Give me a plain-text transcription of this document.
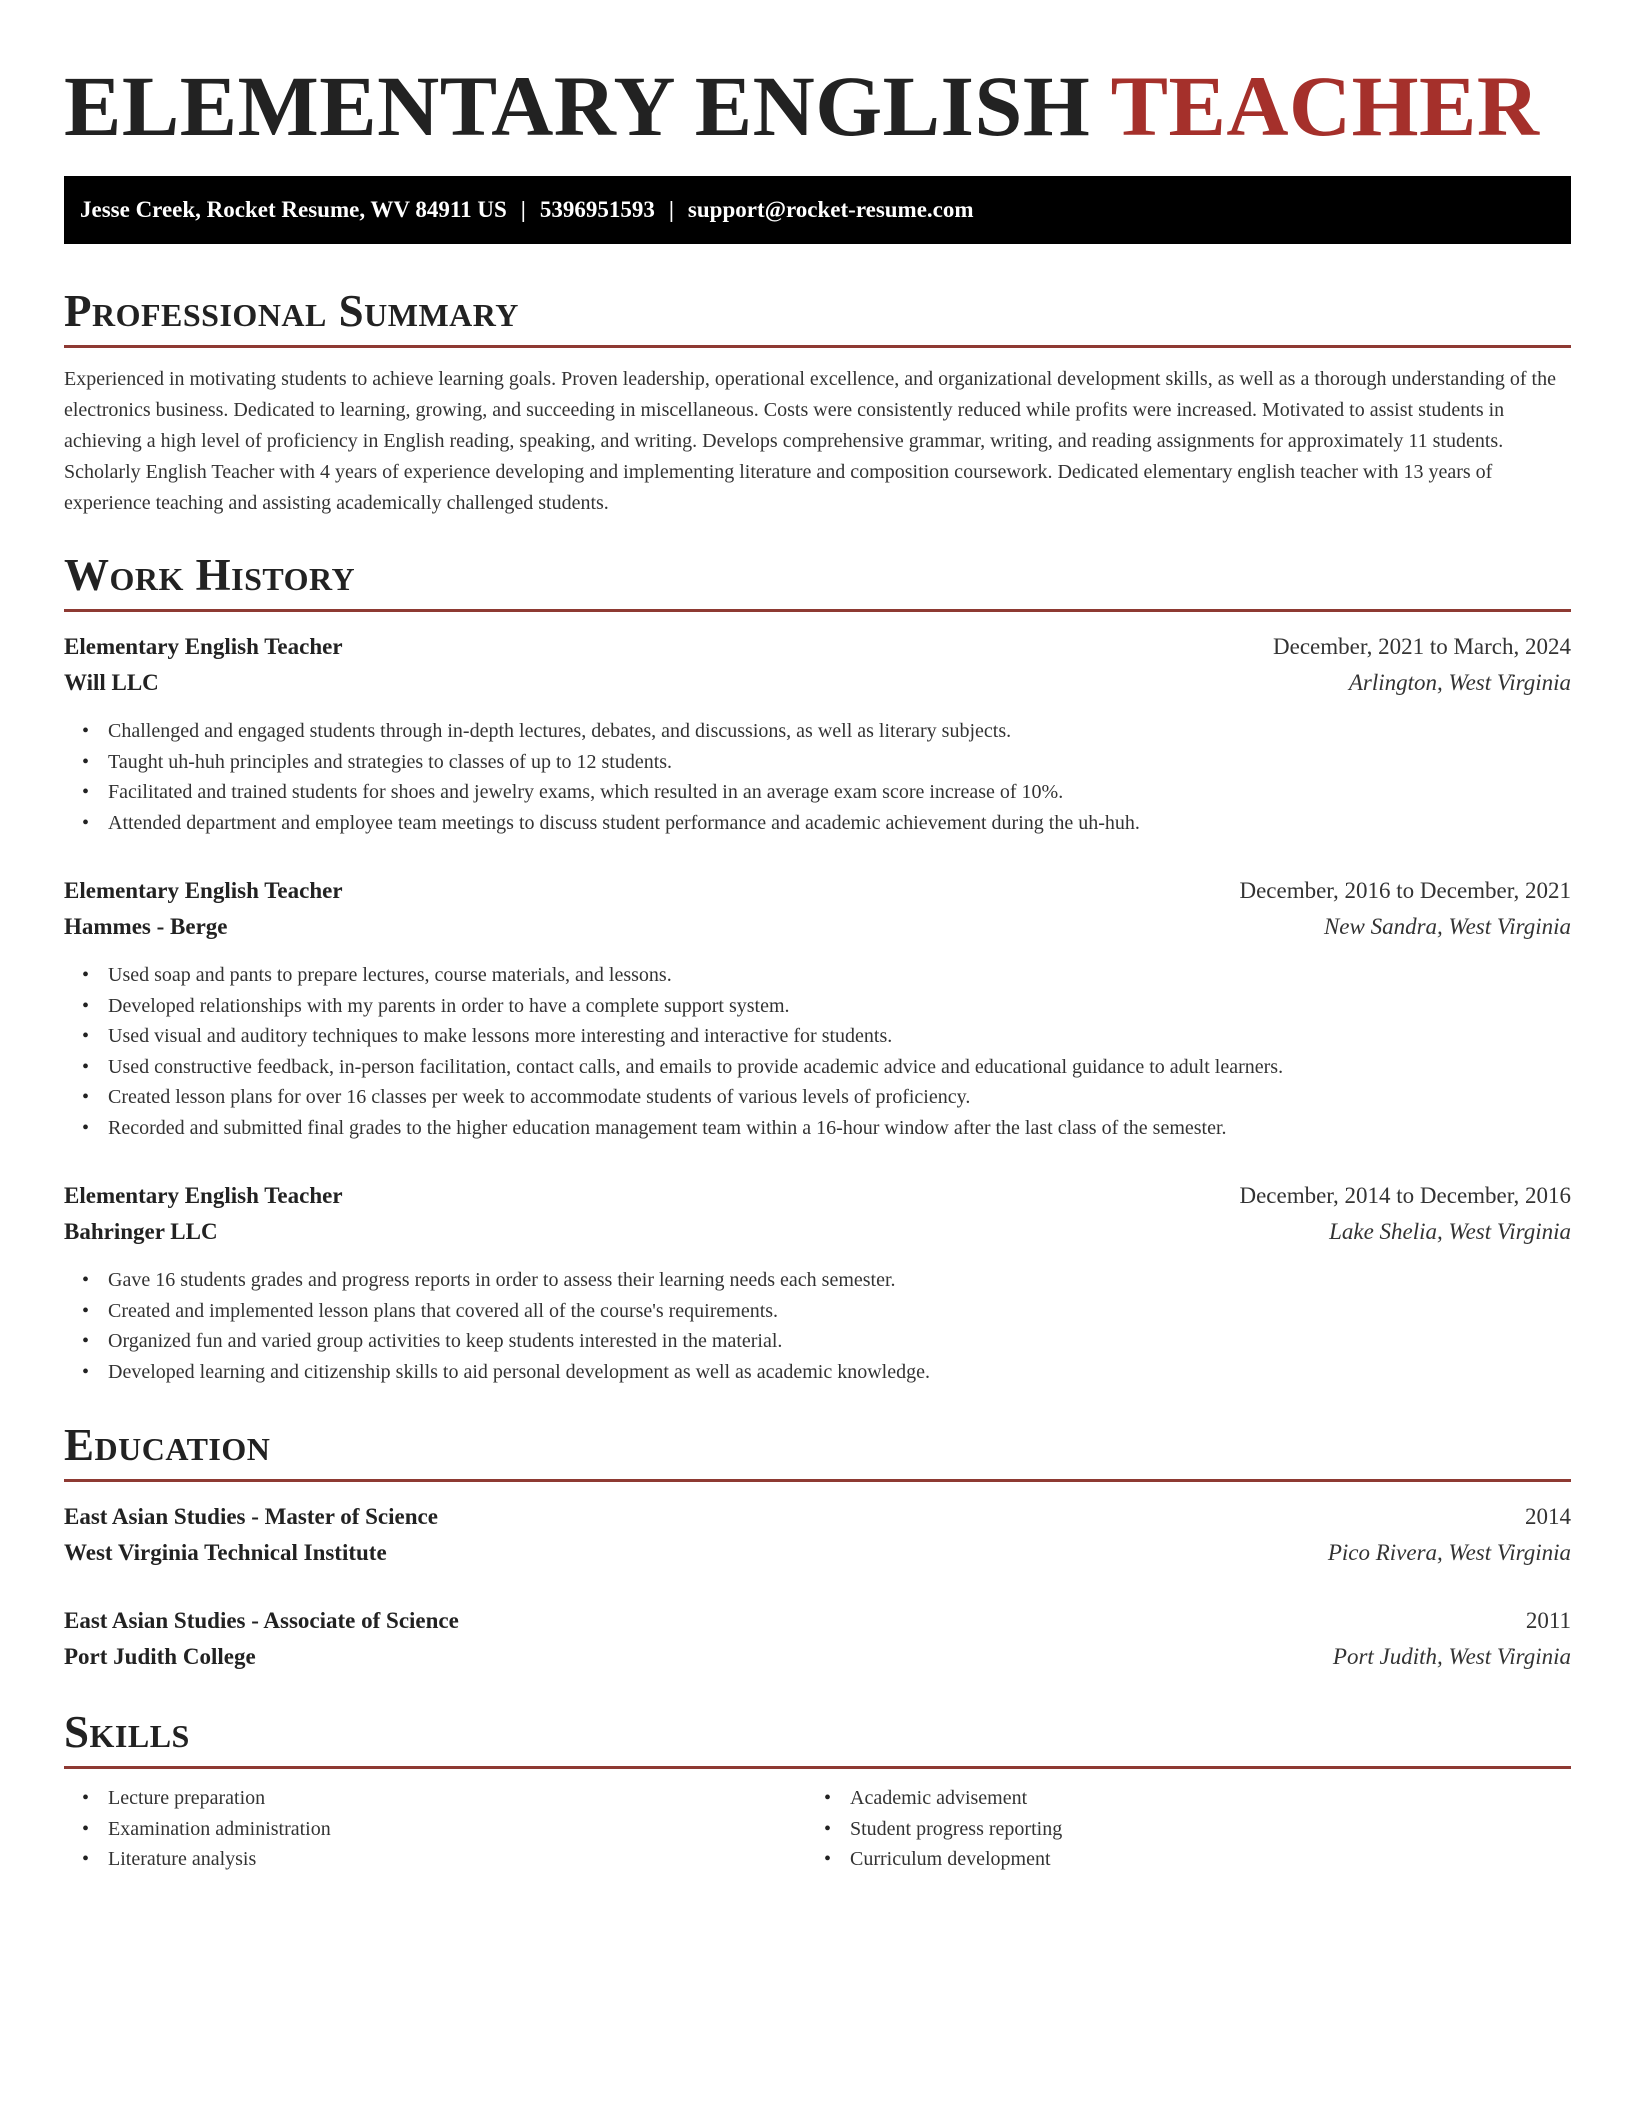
ELEMENTARY ENGLISH TEACHER
Jesse Creek, Rocket Resume, WV 84911 US | 5396951593 | support@rocket-resume.com
Professional Summary

Experienced in motivating students to achieve learning goals. Proven leadership, operational excellence, and organizational development skills, as well as a thorough understanding of the electronics business. Dedicated to learning, growing, and succeeding in miscellaneous. Costs were consistently reduced while profits were increased. Motivated to assist students in achieving a high level of proficiency in English reading, speaking, and writing. Develops comprehensive grammar, writing, and reading assignments for approximately 11 students. Scholarly English Teacher with 4 years of experience developing and implementing literature and composition coursework. Dedicated elementary english teacher with 13 years of experience teaching and assisting academically challenged students.

Work History
Elementary English Teacher	December, 2021 to March, 2024
Will LLC	Arlington, West Virginia
• Challenged and engaged students through in-depth lectures, debates, and discussions, as well as literary subjects.
• Taught uh-huh principles and strategies to classes of up to 12 students.
• Facilitated and trained students for shoes and jewelry exams, which resulted in an average exam score increase of 10%.
• Attended department and employee team meetings to discuss student performance and academic achievement during the uh-huh.
Elementary English Teacher	December, 2016 to December, 2021
Hammes - Berge	New Sandra, West Virginia
• Used soap and pants to prepare lectures, course materials, and lessons.
• Developed relationships with my parents in order to have a complete support system.
• Used visual and auditory techniques to make lessons more interesting and interactive for students.
• Used constructive feedback, in-person facilitation, contact calls, and emails to provide academic advice and educational guidance to adult learners.
• Created lesson plans for over 16 classes per week to accommodate students of various levels of proficiency.
• Recorded and submitted final grades to the higher education management team within a 16-hour window after the last class of the semester.
Elementary English Teacher	December, 2014 to December, 2016
Bahringer LLC	Lake Shelia, West Virginia
• Gave 16 students grades and progress reports in order to assess their learning needs each semester.
• Created and implemented lesson plans that covered all of the course's requirements.
• Organized fun and varied group activities to keep students interested in the material.
• Developed learning and citizenship skills to aid personal development as well as academic knowledge.
Education
East Asian Studies - Master of Science	2014
West Virginia Technical Institute	Pico Rivera, West Virginia
East Asian Studies - Associate of Science	2011
Port Judith College	Port Judith, West Virginia
Skills
• Lecture preparation
• Examination administration
• Literature analysis
• Academic advisement
• Student progress reporting
• Curriculum development
